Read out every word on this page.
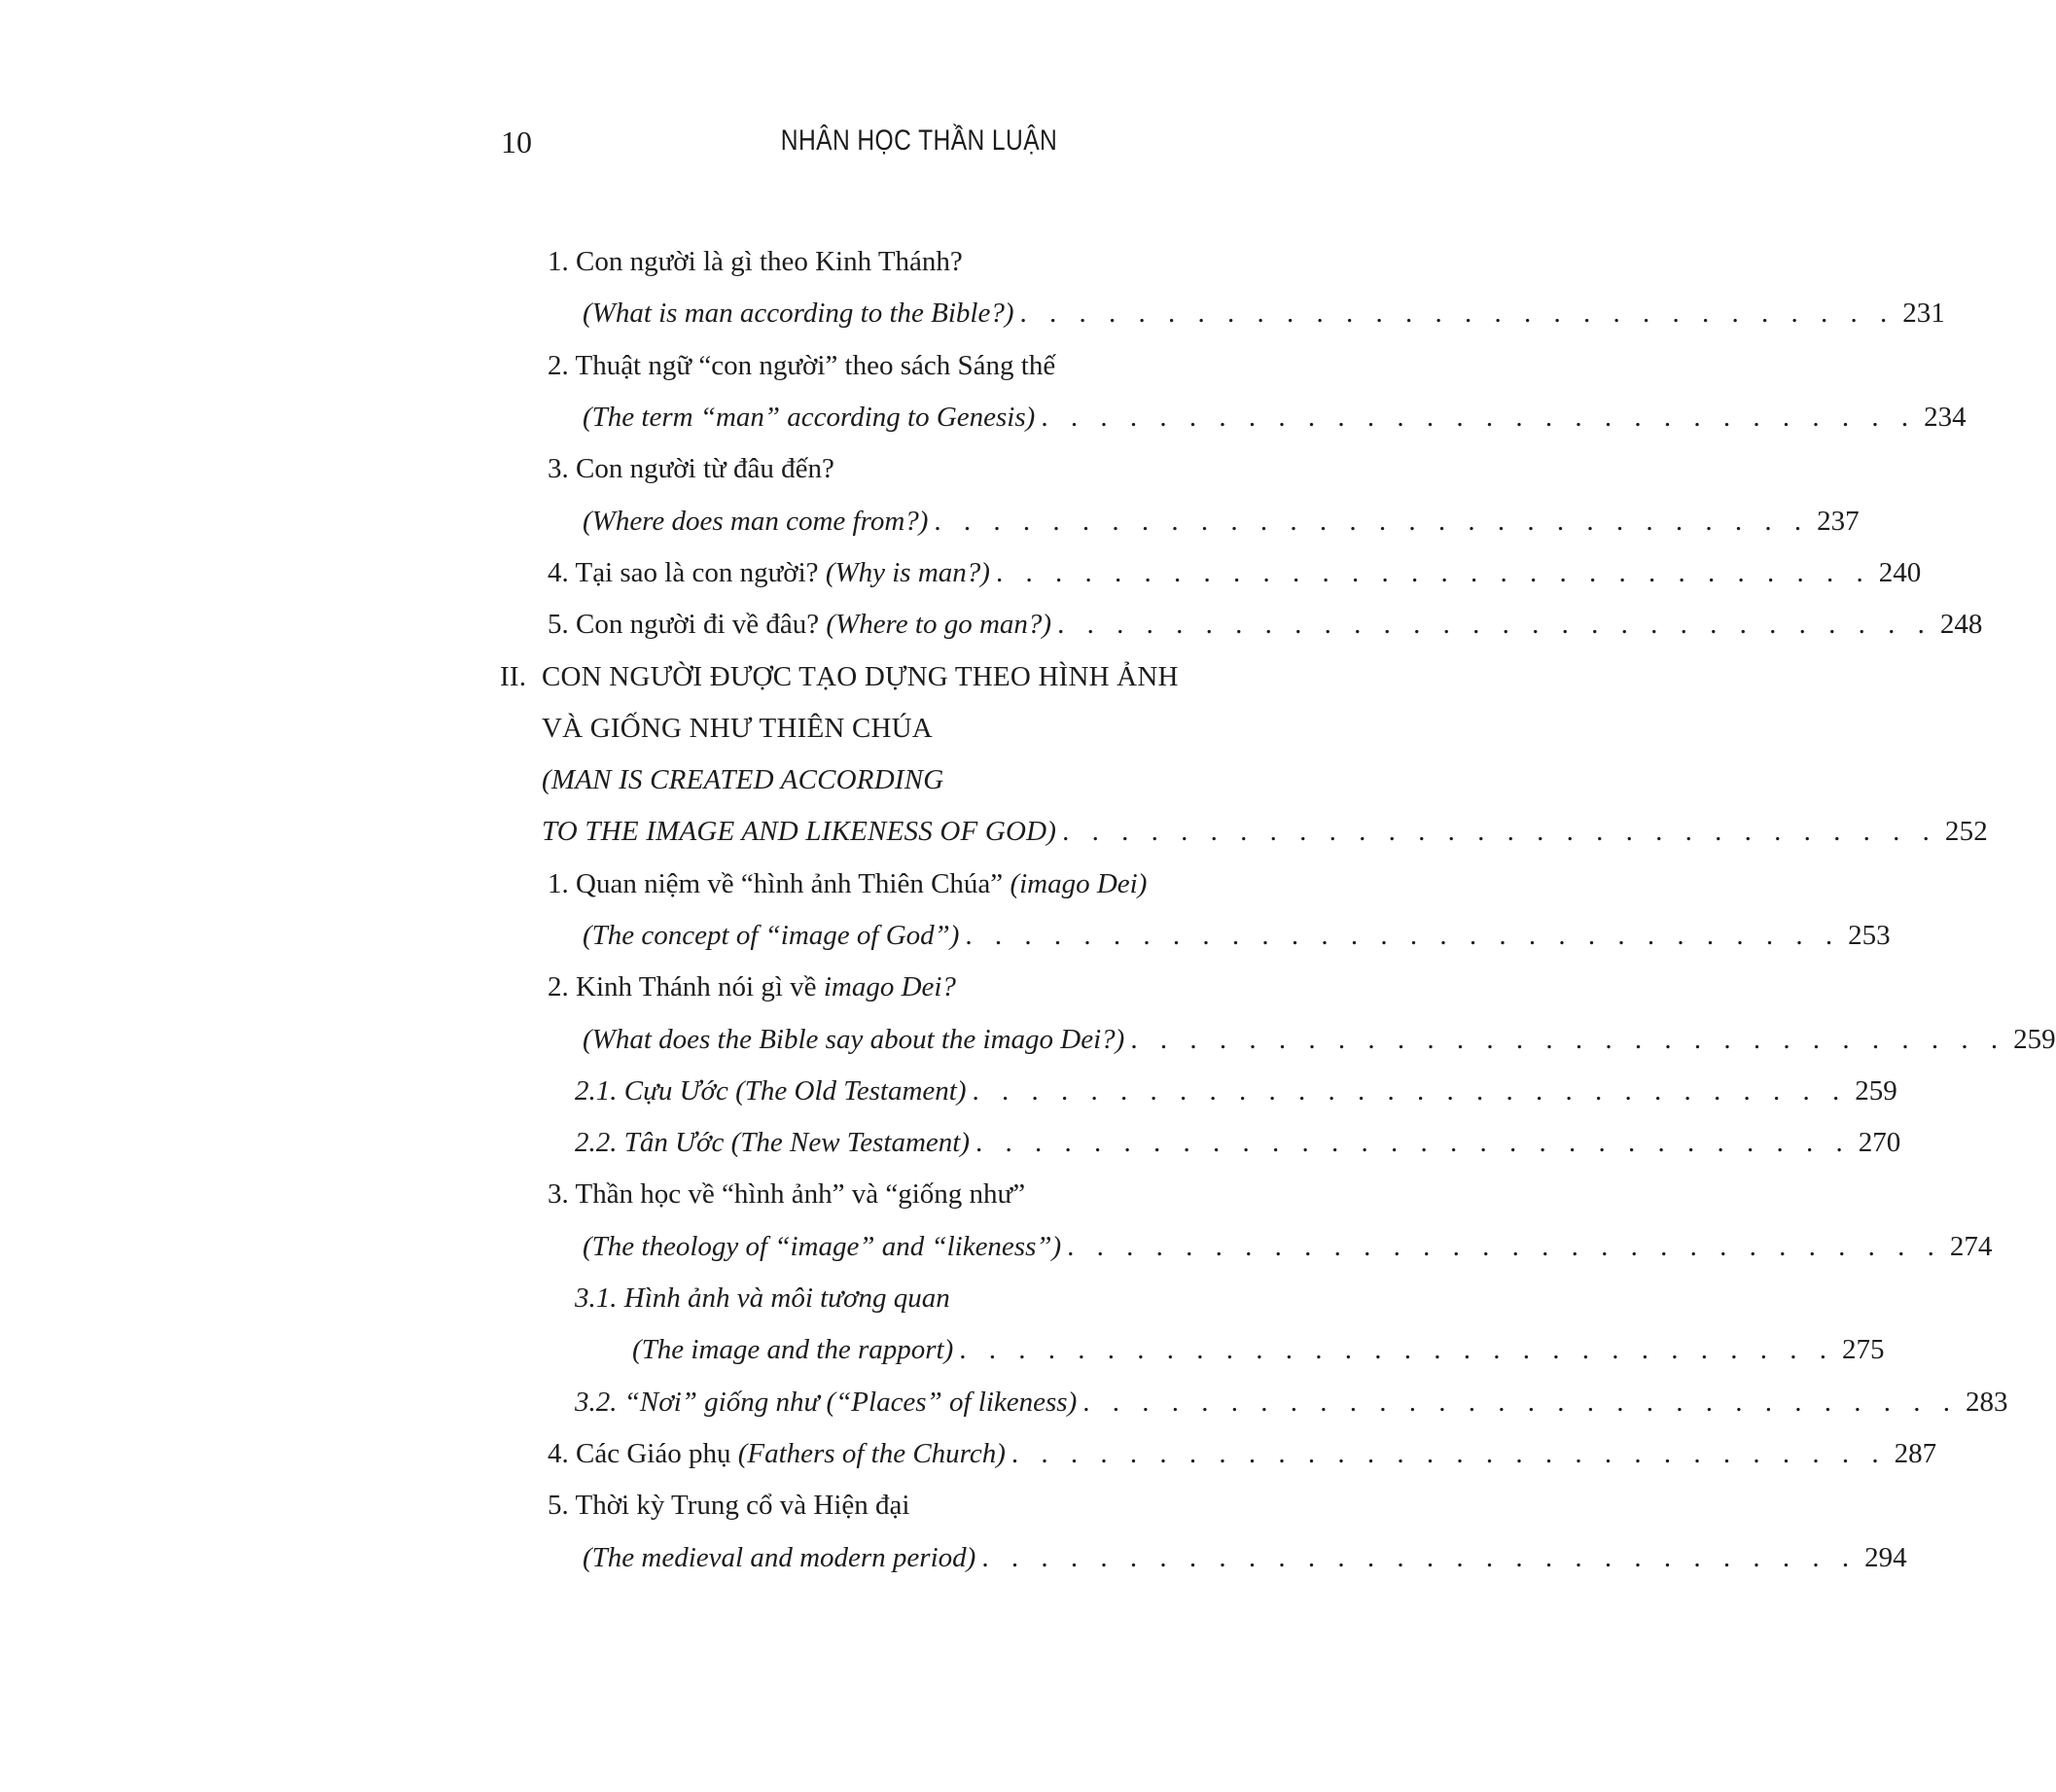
10	NHÂN HỌC THẦN LUẬN
1. Con người là gì theo Kinh Thánh?
(What is man according to the Bible?) . . . . . . . . . . . . . . . . . . . . . . . . . . . . . . 231
2. Thuật ngữ “con người” theo sách Sáng thế
(The term “man” according to Genesis) . . . . . . . . . . . . . . . . . . . . . . . . . . . . . . 234
3. Con người từ đâu đến?
(Where does man come from?) . . . . . . . . . . . . . . . . . . . . . . . . . . . . . . 237
4. Tại sao là con người? (Why is man?) . . . . . . . . . . . . . . . . . . . . . . . . . . . . . . 240
5. Con người đi về đâu? (Where to go man?) . . . . . . . . . . . . . . . . . . . . . . . . . . . . . . 248
II. CON NGƯỜI ĐƯỢC TẠO DỰNG THEO HÌNH ẢNH
VÀ GIỐNG NHƯ THIÊN CHÚA
(MAN IS CREATED ACCORDING
TO THE IMAGE AND LIKENESS OF GOD) . . . . . . . . . . . . . . . . . . . . . . . . . . . . . . 252
1. Quan niệm về “hình ảnh Thiên Chúa” (imago Dei)
(The concept of “image of God”) . . . . . . . . . . . . . . . . . . . . . . . . . . . . . . 253
2. Kinh Thánh nói gì về imago Dei?
(What does the Bible say about the imago Dei?) . . . . . . . . . . . . . . . . . . . . . . . . . . . . . . 259
2.1. Cựu Ước (The Old Testament) . . . . . . . . . . . . . . . . . . . . . . . . . . . . . . 259
2.2. Tân Ước (The New Testament) . . . . . . . . . . . . . . . . . . . . . . . . . . . . . . 270
3. Thần học về “hình ảnh” và “giống như”
(The theology of “image” and “likeness”) . . . . . . . . . . . . . . . . . . . . . . . . . . . . . . 274
3.1. Hình ảnh và môi tương quan
(The image and the rapport) . . . . . . . . . . . . . . . . . . . . . . . . . . . . . . 275
3.2. “Nơi” giống như (“Places” of likeness) . . . . . . . . . . . . . . . . . . . . . . . . . . . . . . 283
4. Các Giáo phụ (Fathers of the Church) . . . . . . . . . . . . . . . . . . . . . . . . . . . . . . 287
5. Thời kỳ Trung cổ và Hiện đại
(The medieval and modern period) . . . . . . . . . . . . . . . . . . . . . . . . . . . . . . 294
